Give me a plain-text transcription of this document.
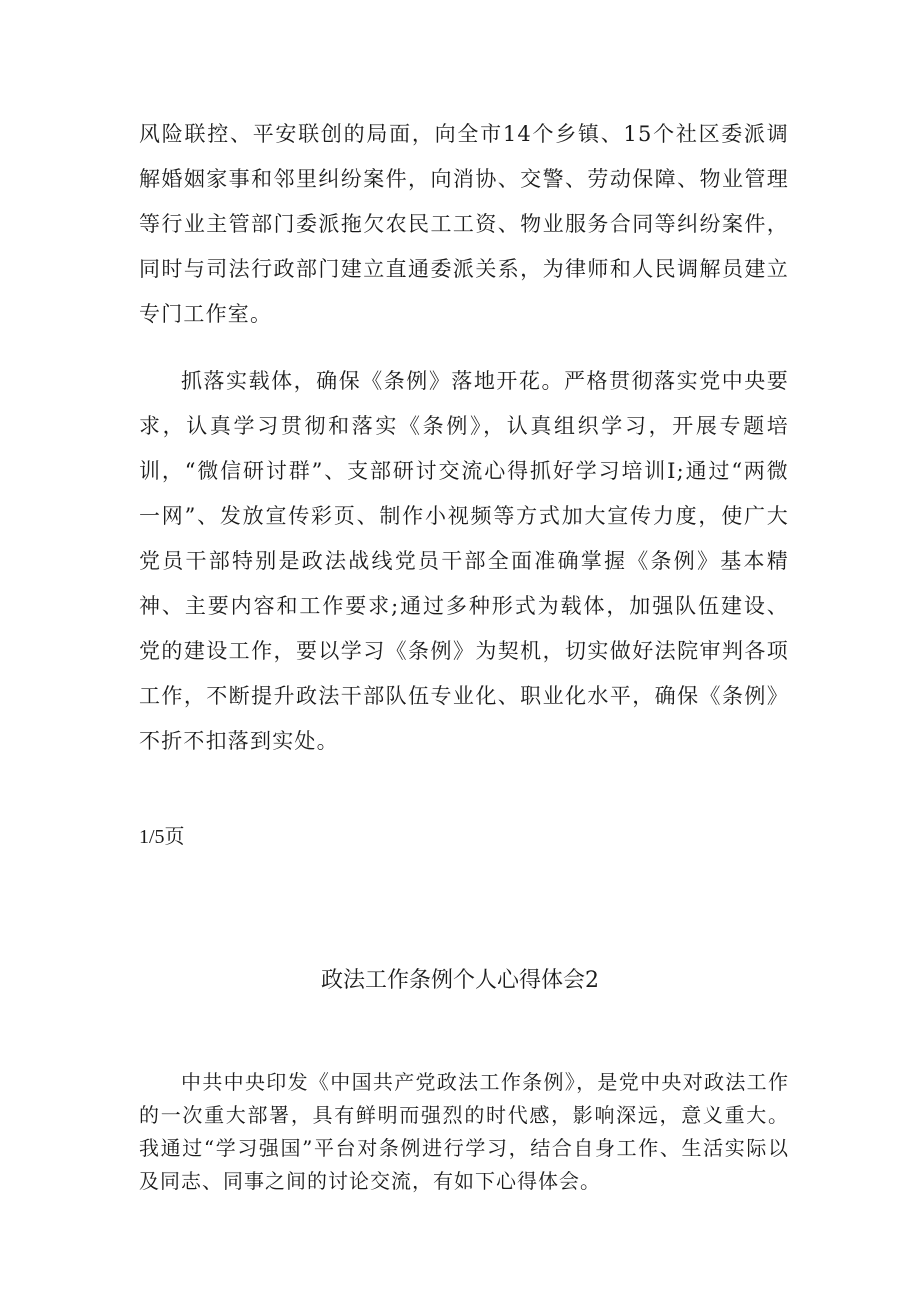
风险联控、平安联创的局面，向全市14个乡镇、15个社区委派调解婚姻家事和邻里纠纷案件，向消协、交警、劳动保障、物业管理等行业主管部门委派拖欠农民工工资、物业服务合同等纠纷案件，同时与司法行政部门建立直通委派关系，为律师和人民调解员建立专门工作室。

抓落实载体，确保《条例》落地开花。严格贯彻落实党中央要求，认真学习贯彻和落实《条例》，认真组织学习，开展专题培训，“微信研讨群”、支部研讨交流心得抓好学习培训I;通过“两微一网”、发放宣传彩页、制作小视频等方式加大宣传力度，使广大党员干部特别是政法战线党员干部全面准确掌握《条例》基本精神、主要内容和工作要求;通过多种形式为载体，加强队伍建设、党的建设工作，要以学习《条例》为契机，切实做好法院审判各项工作，不断提升政法干部队伍专业化、职业化水平，确保《条例》不折不扣落到实处。

1/5页
政法工作条例个人心得体会2

中共中央印发《中国共产党政法工作条例》，是党中央对政法工作的一次重大部署，具有鲜明而强烈的时代感，影响深远，意义重大。我通过“学习强国”平台对条例进行学习，结合自身工作、生活实际以及同志、同事之间的讨论交流，有如下心得体会。
